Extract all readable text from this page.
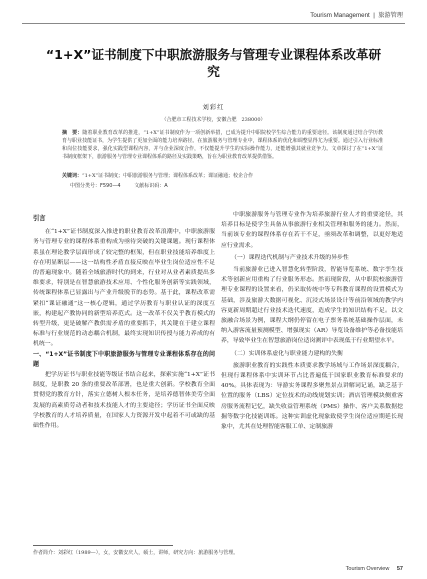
Tourism Management | 旅游管理
“1+X”证书制度下中职旅游服务与管理专业课程体系改革研究
刘彩红
（合肥市工程技术学校，安徽合肥　238000）
摘　要：随着职业教育改革的推进，“1+X”证书制度作为一项创新举措，已成为提升中职院校学生综合能力的重要途径。该制度通过结合学历教育与职业技能证书，为学生提供了更加全面的能力培养路径。在旅游服务与管理专业中，课程体系的优化和调整显得尤为重要。通过引入行业标准和岗位技能要求，强化实践型课程内容，并与企业深度合作，不仅能提升学生的实际操作能力，还能增强其就业竞争力。文章探讨了在“1+X”证书制度框架下，旅游服务与管理专业课程体系的路径及实践策略，旨在为职业教育改革提供借鉴。
关键词：“1+X”证书制度；中职旅游服务与管理；课程体系改革；课证融通；校企合作
中图分类号：F590—4	文献标识码：A

引言

在“1+X”证书制度深入推进的职业教育改革浪潮中，中职旅游服务与管理专业的课程体系重构成为亟待突破的关键课题。现行课程体系虽在理论教学层面形成了较完整的框架，但在职业技能培养维度上存在明显断层——这一结构性矛盾直接反映在毕业生岗位适应性不足的普遍现象中。随着全域旅游时代的到来，行业对从业者素质提出多维要求，特别是在智慧旅游技术应用、个性化服务创新等实践领域，传统课程体系已显露出与产业升级脱节的态势。基于此，课程改革需紧扣“课证融通”这一核心逻辑，通过学历教育与职业认证的深度互嵌，构建起产教协同的新型培养范式。这一改革不仅关乎教育模式的转型升级，更是破解产教供需矛盾的重要抓手，其关键在于建立课程标准与行业规范的动态耦合机制，最终实现知识传授与能力养成的有机统一。

一、“1+X”证书制度下中职旅游服务与管理专业课程体系存在的问题

把学历证书与职业技能等级证书结合起来，探索实施“1+X”证书制度，是职教 20 条的重要改革部署，也是重大创新。学校教育全面贯彻党的教育方针，落实立德树人根本任务，是培养德智体美劳全面发展的高素质劳动者和技术技能人才的主要途径；学历证书全面反映学校教育的人才培养质量，在国家人力资源开发中起着不可或缺的基础性作用。

中职旅游服务与管理专业作为培养旅游行业人才的重要途径，其培养目标是使学生具备从事旅游行业相关管理和服务的能力。然而，当前该专业的课程体系存在若干不足，亟须改革和调整，以更好地适应行业需求。

（一）课程迭代机制与产业技术升级的异步性

当前旅游业已进入智慧化转型阶段，智能导览系统、数字孪生技术等创新应用重构了行业服务形态。然而现阶段，从中职院校旅游管理专业课程的设置来看，仍采取传统中等专科教育课程的设置模式为基础，涉及旅游大数据可视化、沉浸式场景设计等前沿领域的教学内容更新周期超过行业技术迭代速度，造成学生的知识结构不足。以文旅融合场景为例，课程大纲仍停留在电子票务系统基础操作层面，未纳入游客流量预测模型、增强现实（AR）导览设备维护等必备技能培养，导致毕业生在智慧旅游岗位适岗测评中表现低于行业期望水平。

（二）实训体系虚化与职业能力建构的失衡

旅游职业教育的实践性本质要求教学场域与工作场景深度耦合，但现行课程体系中实训环节占比普遍低于国家职业教育标准要求的 40%。具体表现为：导游实务课程多聚焦景点讲解词记诵，缺乏基于位置的服务（LBS）定位技术的动线规划实训；酒店管理模块侧重客房服务流程记忆，缺失收益管理系统（PMS）操作、客户关系数据挖掘等数字化技能训练。这种实训虚化现象致使学生岗位适应期延长现象中，尤其在处理智能客服工单、定制旅游

作者简介：刘彩红（1989—），女，安徽安庆人，硕士，讲师，研究方向：旅游服务与管理。
Tourism Overview 57
